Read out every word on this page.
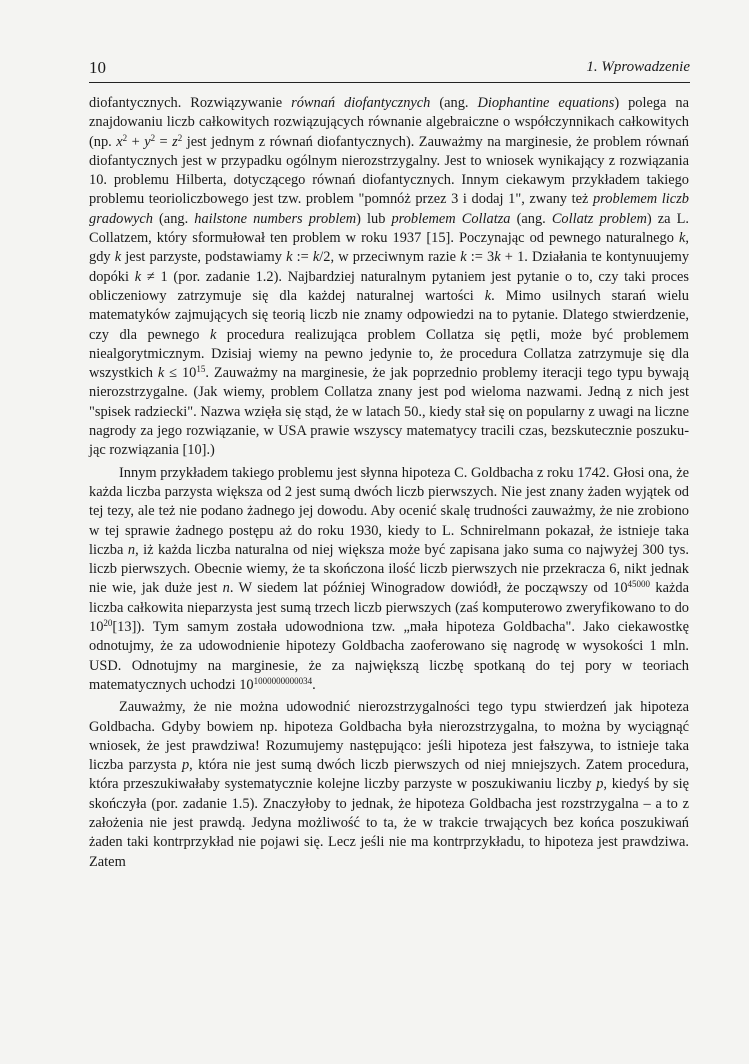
10	1. Wprowadzenie

diofantycznych. Rozwiązywanie równań diofantycznych (ang. Diophantine equations) polega na znajdowaniu liczb całkowitych rozwiązujących równanie algebraiczne o współczynnikach całkowitych (np. $x^2 + y^2 = z^2$ jest jednym z równań diofantycznych). Zauważmy na marginesie, że problem równań diofantycznych jest w przypadku ogólnym nierozstrzygalny. Jest to wniosek wynikający z rozwiązania 10. problemu Hilberta, dotyczącego równań diofantycznych. Innym ciekawym przykładem takiego problemu teorioliczbowego jest tzw. problem "pomnóż przez 3 i dodaj 1", zwany też problemem liczb gradowych (ang. hailstone numbers problem) lub problemem Collatza (ang. Collatz problem) za L. Collatzem, który sformułował ten problem w roku 1937 [15]. Poczynając od pewnego naturalnego k, gdy k jest parzyste, podstawiamy k := k/2, w przeciwnym razie k := 3k + 1. Działania te kontynuujemy dopóki k ≠ 1 (por. zadanie 1.2). Najbardziej naturalnym pytaniem jest pytanie o to, czy taki proces obliczeniowy zatrzymuje się dla każdej naturalnej wartości k. Mimo usilnych starań wielu matematyków zajmujących się teorią liczb nie znamy odpowiedzi na to pytanie. Dlatego stwierdzenie, czy dla pewnego k procedura realizująca problem Collatza się pętli, może być problemem niealgorytmicznym. Dzisiaj wiemy na pewno jedynie to, że procedura Collatza zatrzymuje się dla wszystkich $k \le 10^{15}$. Zauważmy na marginesie, że jak poprzednio problemy iteracji tego typu bywają nierozstrzygalne. (Jak wiemy, problem Collatza znany jest pod wieloma nazwami. Jedną z nich jest "spisek radziecki". Nazwa wzięła się stąd, że w latach 50., kiedy stał się on popularny z uwagi na liczne nagrody za jego rozwiązanie, w USA prawie wszyscy matematycy tracili czas, bezskutecznie poszukując rozwiązania [10].)

Innym przykładem takiego problemu jest słynna hipoteza C. Goldbacha z roku 1742. Głosi ona, że każda liczba parzysta większa od 2 jest sumą dwóch liczb pierwszych. Nie jest znany żaden wyjątek od tej tezy, ale też nie podano żadnego jej dowodu. Aby ocenić skalę trudności zauważmy, że nie zrobiono w tej sprawie żadnego postępu aż do roku 1930, kiedy to L. Schnirelmann pokazał, że istnieje taka liczba n, iż każda liczba naturalna od niej większa może być zapisana jako suma co najwyżej 300 tys. liczb pierwszych. Obecnie wiemy, że ta skończona ilość liczb pierwszych nie przekracza 6, nikt jednak nie wie, jak duże jest n. W siedem lat później Winogradow dowiódł, że począwszy od $10^{45000}$ każda liczba całkowita nieparzysta jest sumą trzech liczb pierwszych (zaś komputerowo zweryfikowano to do $10^{20}[13]$). Tym samym została udowodniona tzw. „mała hipoteza Goldbacha". Jako ciekawostkę odnotujmy, że za udowodnienie hipotezy Goldbacha zaoferowano się nagrodę w wysokości 1 mln. USD. Odnotujmy na marginesie, że za największą liczbę spotkaną do tej pory w teoriach matematycznych uchodzi $10^{1000000000034}$.

Zauważmy, że nie można udowodnić nierozstrzygalności tego typu stwierdzeń jak hipoteza Goldbacha. Gdyby bowiem np. hipoteza Goldbacha była nierozstrzygalna, to można by wyciągnąć wniosek, że jest prawdziwa! Rozumujemy następująco: jeśli hipoteza jest fałszywa, to istnieje taka liczba parzysta p, która nie jest sumą dwóch liczb pierwszych od niej mniejszych. Zatem procedura, która przeszukiwałaby systematycznie kolejne liczby parzyste w poszukiwaniu liczby p, kiedyś by się skończyła (por. zadanie 1.5). Znaczyłoby to jednak, że hipoteza Goldbacha jest rozstrzygalna – a to z założenia nie jest prawdą. Jedyna możliwość to ta, że w trakcie trwających bez końca poszukiwań żaden taki kontrprzykład nie pojawi się. Lecz jeśli nie ma kontrprzykładu, to hipoteza jest prawdziwa. Zatem
